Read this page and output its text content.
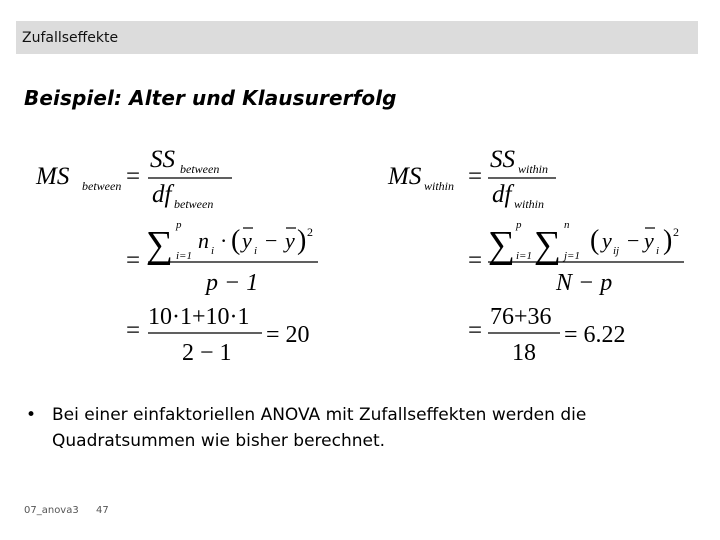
Zufallseffekte
Beispiel: Alter und Klausurerfolg
MS between =
SS between
df between
= ∑ p
i=1
n i · ( y i − y ) 2
p − 1
= 10·1+10·1
2 − 1
= 20
MS within =
SS within
df within
= ∑ p
i=1 ∑ n
j=1 ( y ij − y i ) 2
N − p
= 76+36
18
= 6.22
• Bei einer einfaktoriellen ANOVA mit Zufallseffekten werden die Quadratsummen wie bisher berechnet.
07_anova3 47
